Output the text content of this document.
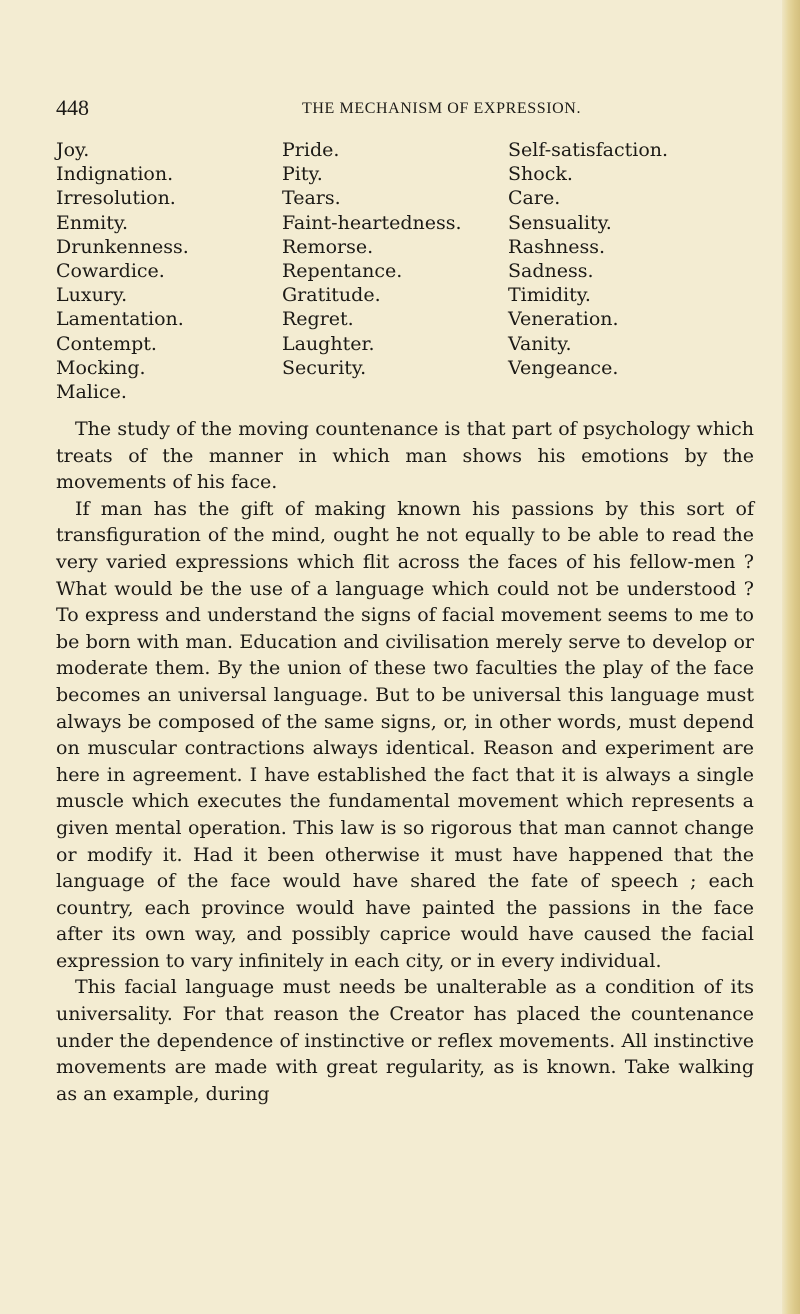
448	THE MECHANISM OF EXPRESSION.
Joy.
Indignation.
Irresolution.
Enmity.
Drunkenness.
Cowardice.
Luxury.
Lamentation.
Contempt.
Mocking.
Malice.
Pride.
Pity.
Tears.
Faint-heartedness.
Remorse.
Repentance.
Gratitude.
Regret.
Laughter.
Security.
Self-satisfaction.
Shock.
Care.
Sensuality.
Rashness.
Sadness.
Timidity.
Veneration.
Vanity.
Vengeance.

The study of the moving countenance is that part of psychology which treats of the manner in which man shows his emotions by the movements of his face.

If man has the gift of making known his passions by this sort of transfiguration of the mind, ought he not equally to be able to read the very varied expressions which flit across the faces of his fellow-men ? What would be the use of a language which could not be understood ? To express and understand the signs of facial movement seems to me to be born with man. Education and civilisation merely serve to develop or moderate them. By the union of these two faculties the play of the face becomes an universal language. But to be universal this language must always be composed of the same signs, or, in other words, must depend on muscular contractions always identical. Reason and experiment are here in agreement. I have established the fact that it is always a single muscle which executes the fundamental movement which represents a given mental operation. This law is so rigorous that man cannot change or modify it. Had it been otherwise it must have happened that the language of the face would have shared the fate of speech ; each country, each province would have painted the passions in the face after its own way, and possibly caprice would have caused the facial expression to vary infinitely in each city, or in every individual.

This facial language must needs be unalterable as a condition of its universality. For that reason the Creator has placed the countenance under the dependence of instinctive or reflex movements. All instinctive movements are made with great regularity, as is known. Take walking as an example, during
